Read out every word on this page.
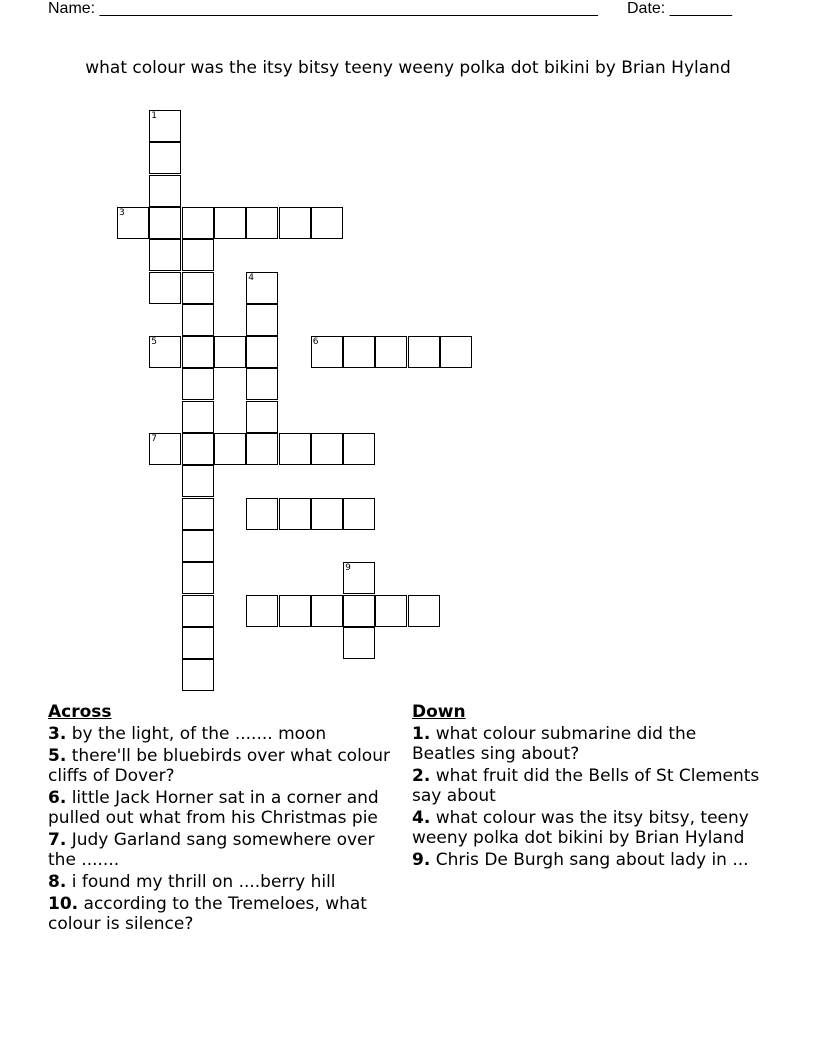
Name: ________________________________________________________ Date: _______
what colour was the itsy bitsy teeny weeny polka dot bikini by Brian Hyland
1
3
5	6
4
7
9
Across
3. by the light, of the ....... moon
5. there'll be bluebirds over what colour cliffs of Dover?
6. little Jack Horner sat in a corner and pulled out what from his Christmas pie
7. Judy Garland sang somewhere over the .......
8. i found my thrill on ....berry hill
10. according to the Tremeloes, what colour is silence?
Down
1. what colour submarine did the Beatles sing about?
2. what fruit did the Bells of St Clements say about
4. what colour was the itsy bitsy, teeny weeny polka dot bikini by Brian Hyland
9. Chris De Burgh sang about lady in ...
